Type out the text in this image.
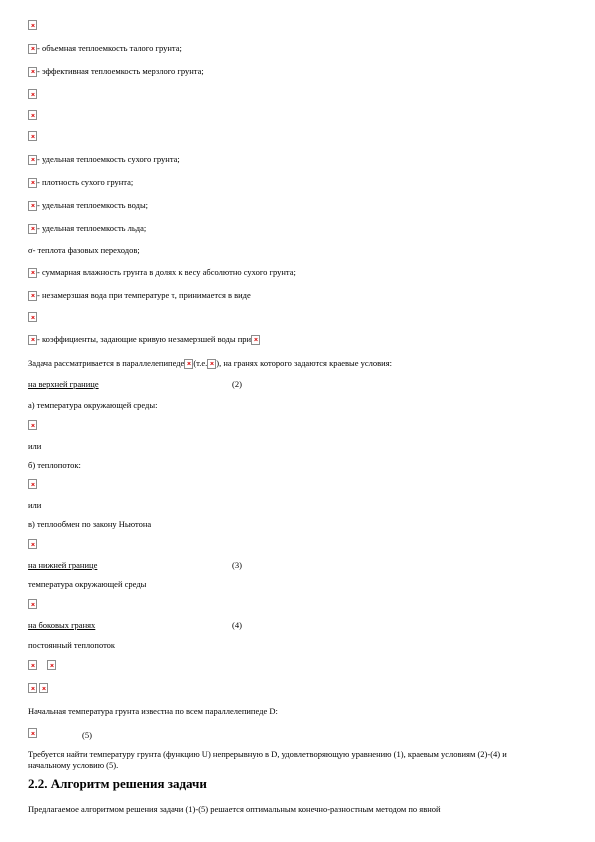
- объемная теплоемкость талого грунта;
- эффективная теплоемкость мерзлого грунта;
- удельная теплоемкость сухого грунта;
- плотность сухого грунта;
- удельная теплоемкость воды;
- удельная теплоемкость льда;
σ- теплота фазовых переходов;
- суммарная влажность грунта в долях к весу абсолютно сухого грунта;
- незамерзшая вода при температуре τ, принимается в виде
- коэффициенты, задающие кривую незамерзшей воды при
Задача рассматривается в параллелепипеде (т.е. ), на гранях которого задаются краевые условия:
на верхней границе	(2)
а) температура окружающей среды:
или
б) теплопоток:
или
в) теплообмен по закону Ньютона
на нижней границе	(3)
температура окружающей среды
на боковых гранях	(4)
постоянный теплопоток
Начальная температура грунта известна по всем параллелепипеде D:
(5)
Требуется найти температуру грунта (функцию U) непрерывную в D, удовлетворяющую уравнению (1), краевым условиям (2)-(4) и
начальному условию (5).
2.2. Алгоритм решения задачи
Предлагаемое алгоритмом решения задачи (1)-(5) решается оптимальным конечно-разностным методом по явной
